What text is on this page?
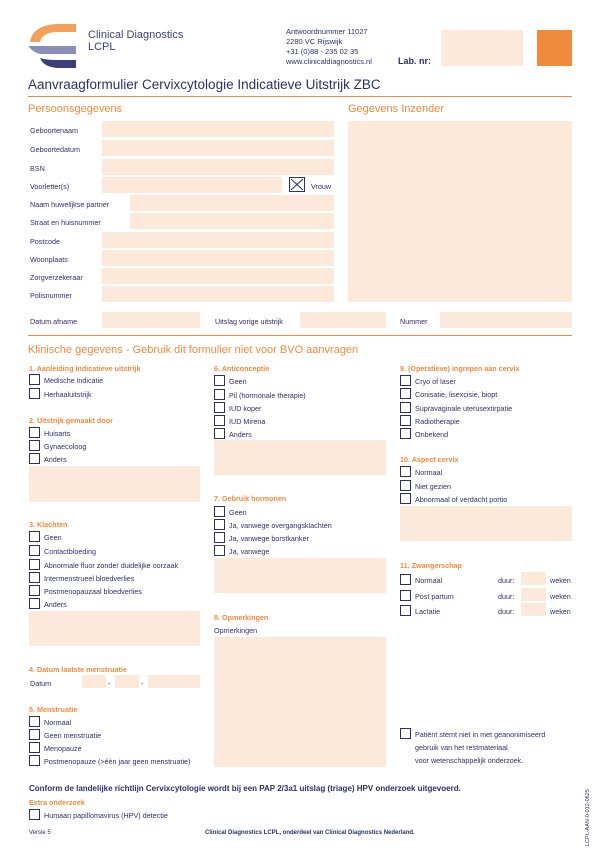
Clinical Diagnostics
LCPL
Antwoordnummer 11027
2280 VC Rijswijk
+31 (0)88 - 235 02 35
www.clinicaldiagnostics.nl	Lab. nr:
Aanvraagformulier Cervixcytologie Indicatieve Uitstrijk ZBC
Persoonsgegevens	Gegevens Inzender
Geboortenaam
Geboortedatum
BSN
Voorletter(s)	Vrouw
Naam huwelijkse partner
Straat en huisnummer
Postcode
Woonplaats
Zorgverzekeraar
Polisnummer
Datum afname	Uitslag vorige uitstrijk	Nummer
Klinische gegevens - Gebruik dit formulier niet voor BVO aanvragen
1. Aanleiding indicatieve uitstrijk
Medische indicatie
Herhaaluitstrijk
2. Uitstrijk gemaakt door
Huisarts
Gynaecoloog
Anders
3. Klachten
Geen
Contactbloeding
Abnormale fluor zonder duidelijke oorzaak
Intermenstrueel bloedverlies
Postmenopauzaal bloedverlies
Anders
4. Datum laatste menstruatie
Datum	-	-
5. Menstruatie
Normaal
Geen menstruatie
Menopauze
Postmenopauze (>één jaar geen menstruatie)
6. Anticonceptie
Geen
Pil (hormonale therapie)
IUD koper
IUD Mirena
Anders
7. Gebruik hormonen
Geen
Ja, vanwege overgangsklachten
Ja, vanwege borstkanker
Ja, vanwege
8. Opmerkingen
Opmerkingen
9. (Operatieve) ingrepen aan cervix
Cryo of laser
Conisatie, lisexcisie, biopt
Supravaginale uterusextirpatie
Radiotherapie
Onbekend
10. Aspect cervix
Normaal
Niet gezien
Abnormaal of verdacht portio
11. Zwangerschap
Normaal	duur:	weken
Post partum	duur:	weken
Lactatie	duur:	weken
Patiënt stemt niet in met geanonimiseerd
gebruik van het restmateriaal
voor wetenschappelijk onderzoek.
Conform de landelijke richtlijn Cervixcytologie wordt bij een PAP 2/3a1 uitslag (triage) HPV onderzoek uitgevoerd.
Extra onderzoek
Humaan papillomavirus (HPV) detectie
Versie 5	Clinical Diagnostics LCPL, onderdeel van Clinical Diagnostics Nederland.	LCPL-AAN-0-012-0625
